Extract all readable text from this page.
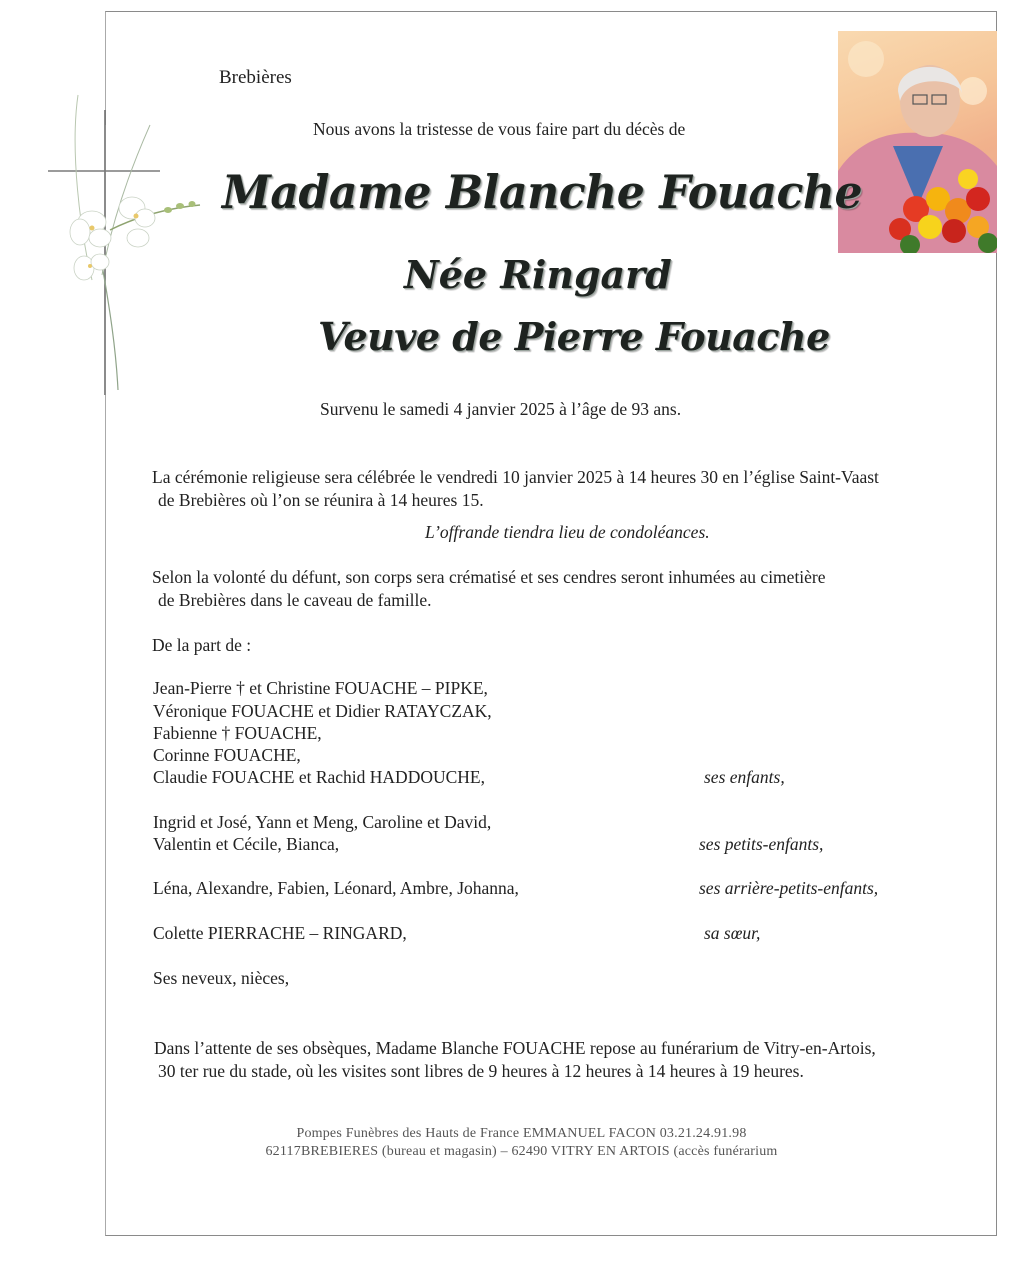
Brebières
Nous avons la tristesse de vous faire part du décès de
Madame Blanche Fouache
Née Ringard
Veuve de Pierre Fouache
Survenu le samedi 4 janvier 2025 à l’âge de 93 ans.
La cérémonie religieuse sera célébrée le vendredi 10 janvier 2025 à 14 heures 30 en l’église Saint-Vaast
de Brebières où l’on se réunira à 14 heures 15.
L’offrande tiendra lieu de condoléances.
Selon la volonté du défunt, son corps sera crématisé et ses cendres seront inhumées au cimetière
de Brebières dans le caveau de famille.
De la part de :
Jean-Pierre † et Christine FOUACHE – PIPKE,
Véronique FOUACHE et Didier RATAYCZAK,
Fabienne † FOUACHE,
Corinne FOUACHE,
Claudie FOUACHE et Rachid HADDOUCHE,	ses enfants,
Ingrid et José, Yann et Meng, Caroline et David,
Valentin et Cécile, Bianca,	ses petits-enfants,
Léna, Alexandre, Fabien, Léonard, Ambre, Johanna,	ses arrière-petits-enfants,
Colette PIERRACHE – RINGARD,	sa sœur,
Ses neveux, nièces,
Dans l’attente de ses obsèques, Madame Blanche FOUACHE repose au funérarium de Vitry-en-Artois,
30 ter rue du stade, où les visites sont libres de 9 heures à 12 heures à 14 heures à 19 heures.
Pompes Funèbres des Hauts de France EMMANUEL FACON 03.21.24.91.98
62117BREBIERES (bureau et magasin) – 62490 VITRY EN ARTOIS (accès funérarium
